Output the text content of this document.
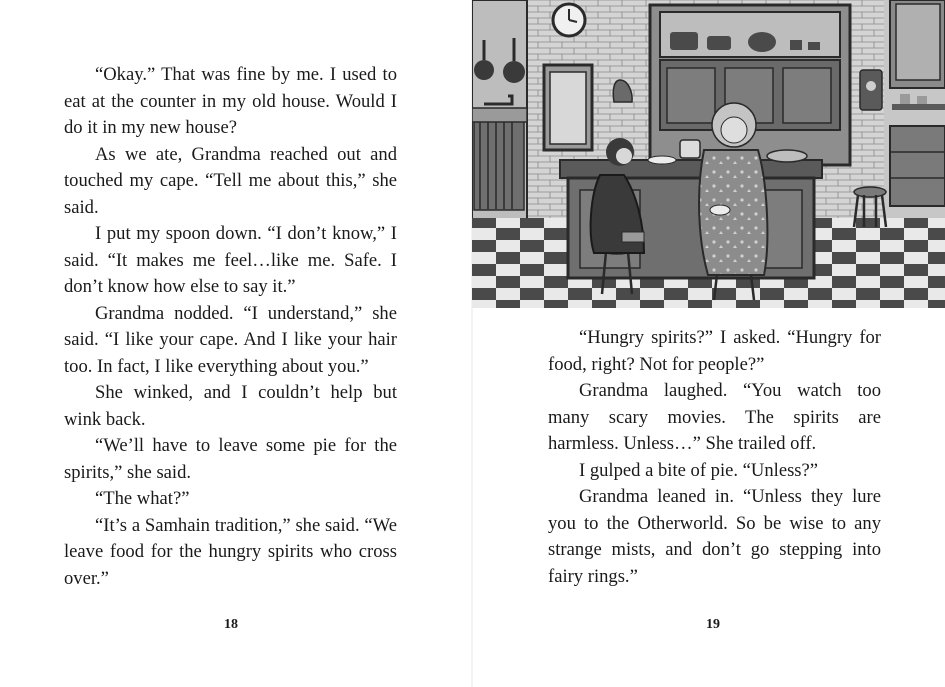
“Okay.” That was fine by me. I used to eat at the counter in my old house. Would I do it in my new house?

As we ate, Grandma reached out and touched my cape. “Tell me about this,” she said.

I put my spoon down. “I don’t know,” I said. “It makes me feel…like me. Safe. I don’t know how else to say it.”

Grandma nodded. “I understand,” she said. “I like your cape. And I like your hair too. In fact, I like everything about you.”

She winked, and I couldn’t help but wink back.

“We’ll have to leave some pie for the spirits,” she said.

“The what?”

“It’s a Samhain tradition,” she said. “We leave food for the hungry spirits who cross over.”

18

“Hungry spirits?” I asked. “Hungry for food, right? Not for people?”

Grandma laughed. “You watch too many scary movies. The spirits are harmless. Unless…” She trailed off.

I gulped a bite of pie. “Unless?”

Grandma leaned in. “Unless they lure you to the Otherworld. So be wise to any strange mists, and don’t go stepping into fairy rings.”

19
